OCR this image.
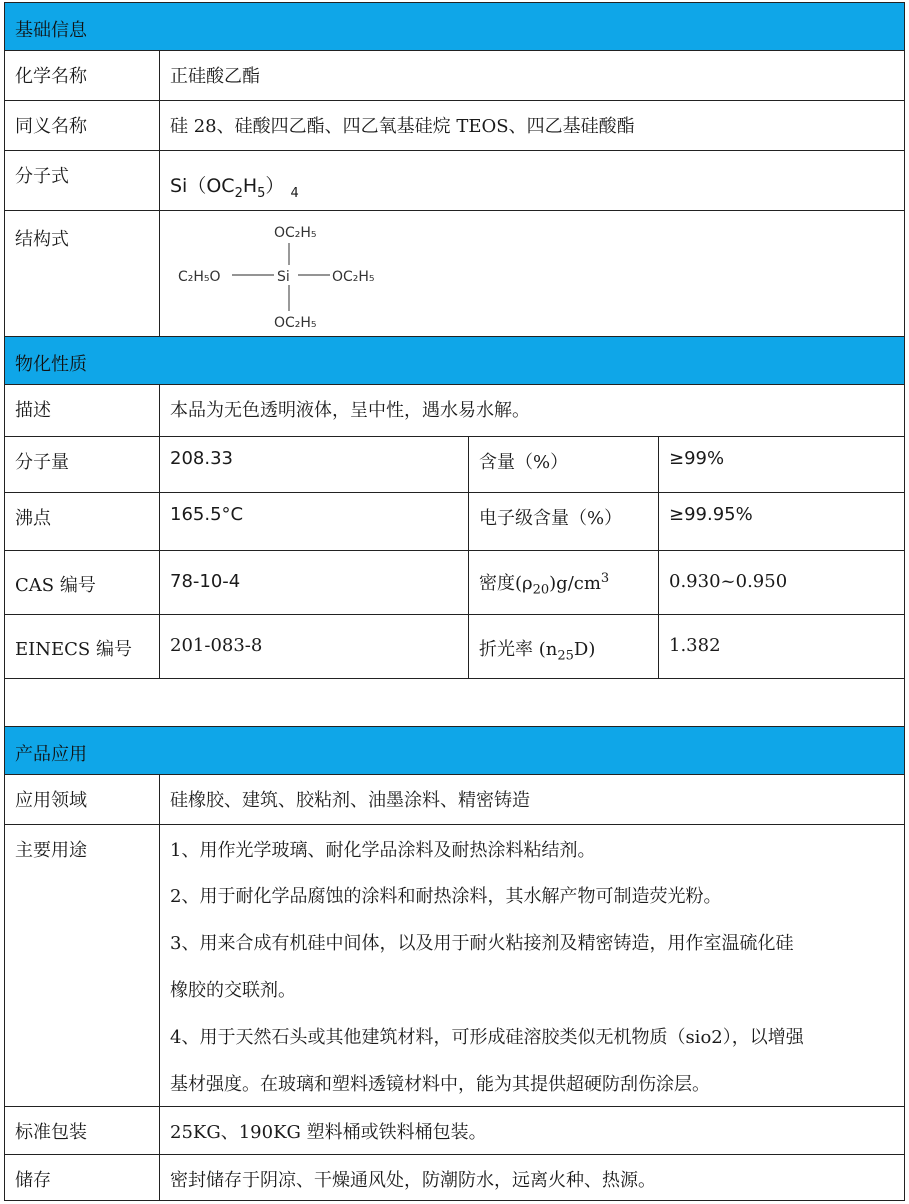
基础信息
化学名称	正硅酸乙酯
同义名称	硅 28、硅酸四乙酯、四乙氧基硅烷 TEOS、四乙基硅酸酯
分子式	$Si(OC_2H_5)$ $_4$
结构式	OC₂H₅
C₂H₅O	Si	OC₂H₅
OC₂H₅
物化性质
描述	本品为无色透明液体，呈中性，遇水易水解。
分子量	208.33	含量（%）	≥99%
沸点	165.5°C	电子级含量（%）	≥99.95%
CAS 编号	78-10-4	密度$(\rho_{20})g/cm^3$	0.930~0.950
EINECS 编号 201-083-8	折光率 $(n_{25}D)$	1.382
产品应用
应用领域	硅橡胶、建筑、胶粘剂、油墨涂料、精密铸造
主要用途	1、用作光学玻璃、耐化学品涂料及耐热涂料粘结剂。

2、用于耐化学品腐蚀的涂料和耐热涂料，其水解产物可制造荧光粉。

3、用来合成有机硅中间体，以及用于耐火粘接剂及精密铸造，用作室温硫化硅

橡胶的交联剂。

4、用于天然石头或其他建筑材料，可形成硅溶胶类似无机物质（sio2），以增强

基材强度。在玻璃和塑料透镜材料中，能为其提供超硬防刮伤涂层。

标准包装	25KG、190KG 塑料桶或铁料桶包装。
储存	密封储存于阴凉、干燥通风处，防潮防水，远离火种、热源。
